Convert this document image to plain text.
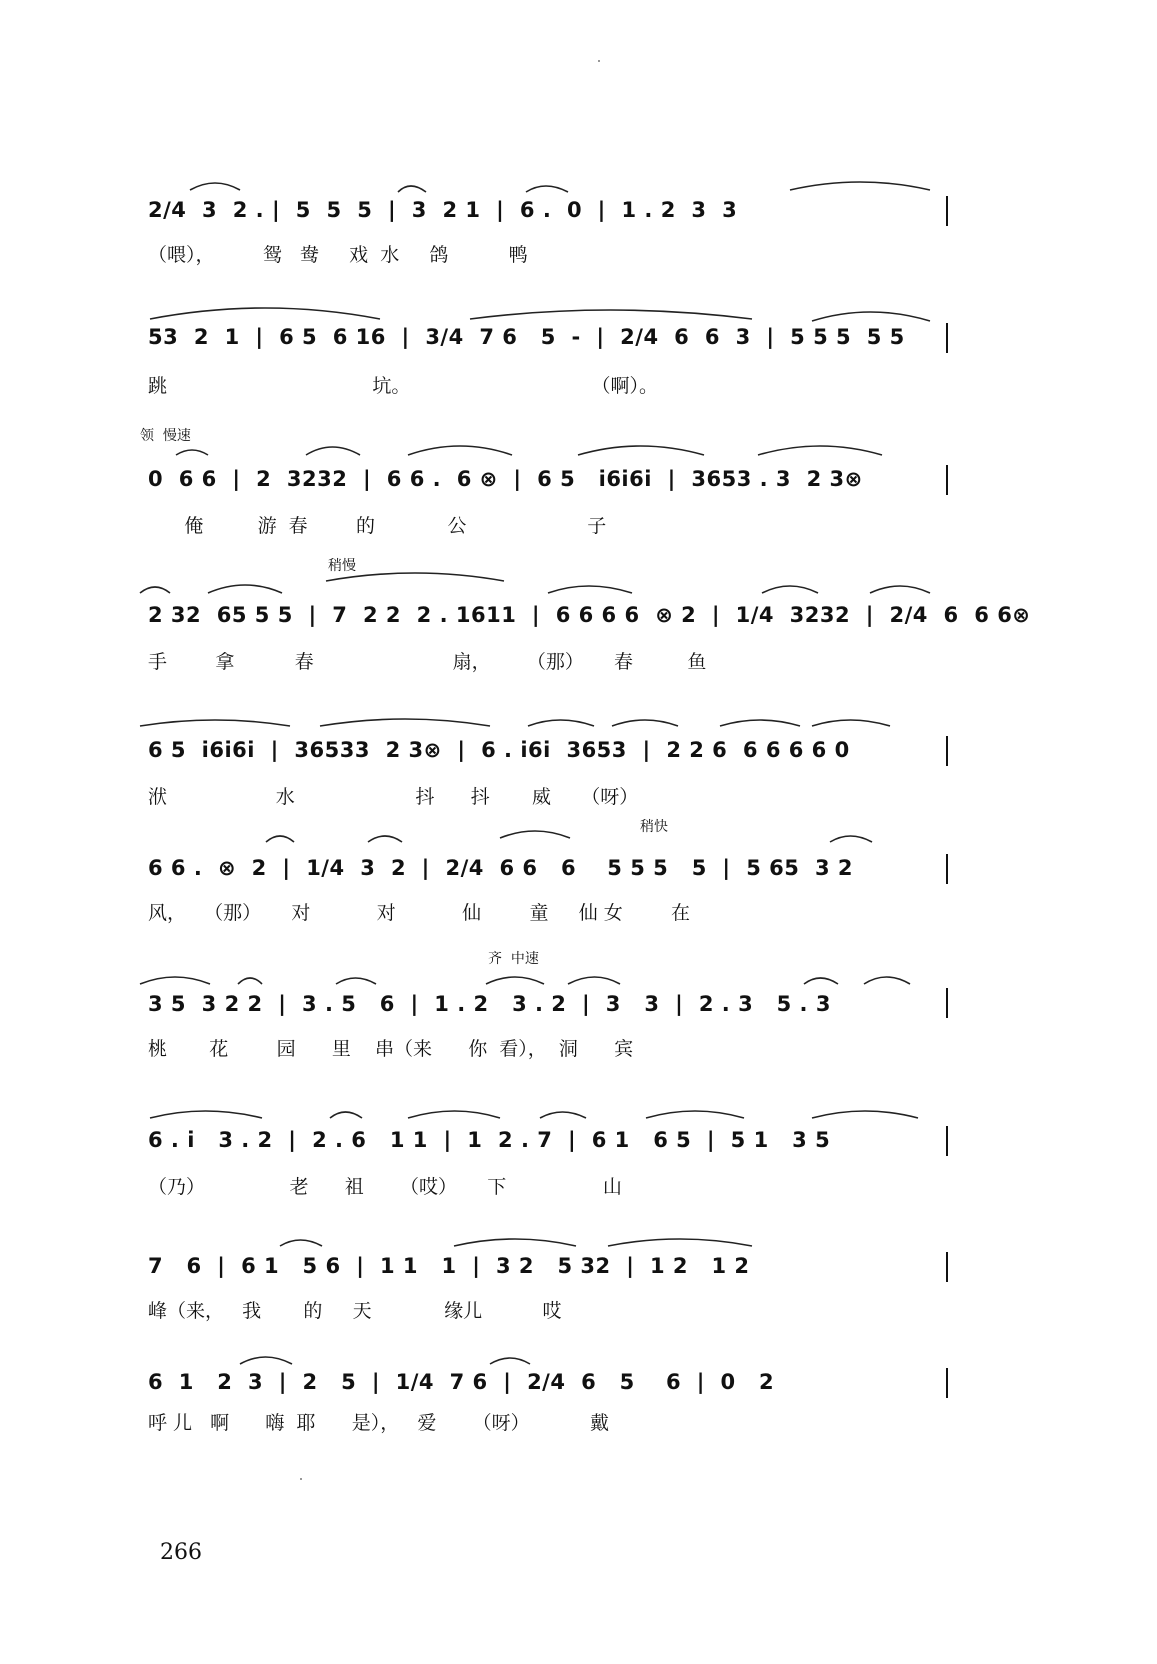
2/4  3  2 . |  5  5  5  |  3  2 1  |  6 .  0  |  1 . 2  3  3
（喂），        鸳   鸯     戏  水     鸽          鸭
53  2  1  |  6 5  6 16  |  3/4  7 6   5  -  |  2/4  6  6  3  |  5 5 5  5 5
跳                                  坑。                              （啊）。
领  慢速
0  6 6  |  2  3232  |  6 6 .  6 ⊗  |  6 5   i6i6i  |  3653 . 3  2 3⊗
俺         游  春        的            公                    子
稍慢
2 32  65 5 5  |  7  2 2  2 . 1611  |  6 6 6 6  ⊗ 2  |  1/4  3232  |  2/4  6  6 6⊗
手        拿          春                       扇，      （那）     春         鱼
6 5  i6i6i  |  36533  2 3⊗  |  6 . i6i  3653  |  2 2 6  6 6 6 6 0
洑                  水                    抖      抖       威     （呀）
稍快
6 6 .  ⊗  2  |  1/4  3  2  |  2/4  6 6   6    5 5 5   5  |  5 65  3 2
风，   （那）     对           对           仙        童     仙 女        在
齐  中速
3 5  3 2 2  |  3 . 5   6  |  1 . 2   3 . 2  |  3   3  |  2 . 3   5 . 3
桃       花        园      里    串（来      你  看），  洞      宾
6 . i   3 . 2  |  2 . 6   1 1  |  1  2 . 7  |  6 1   6 5  |  5 1   3 5
（乃）              老      祖      （哎）     下                山
7   6  |  6 1   5 6  |  1 1   1  |  3 2   5 32  |  1 2   1 2
峰（来，   我       的     天            缘儿          哎
6  1   2  3  |  2   5  |  1/4  7 6  |  2/4  6   5    6  |  0   2
呼 儿   啊      嗨  耶      是），   爱      （呀）          戴
266
